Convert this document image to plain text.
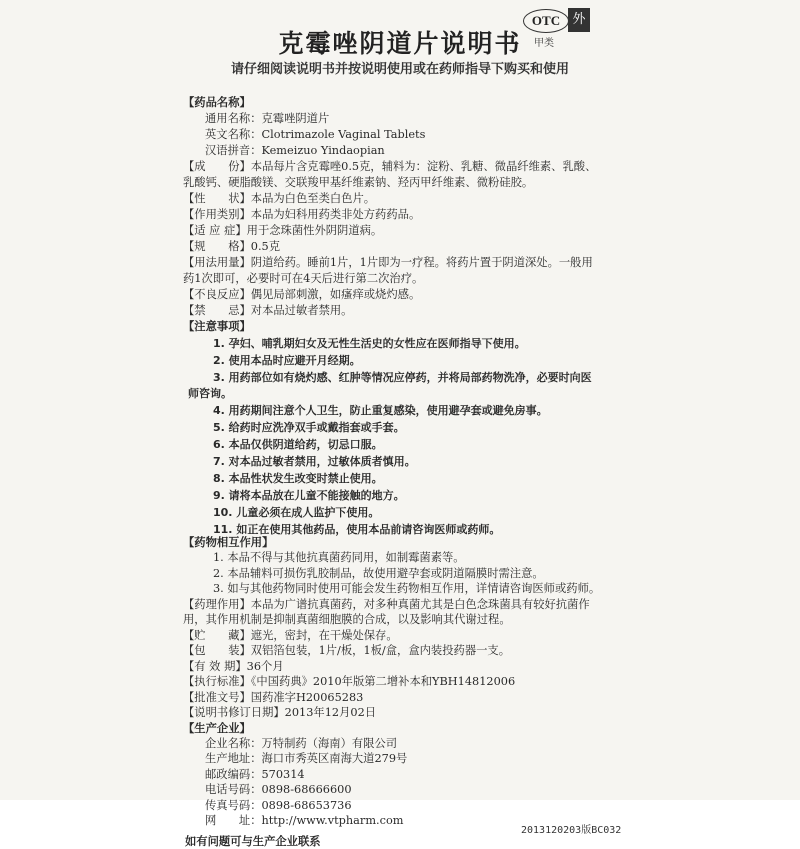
OTC 外
甲类
克霉唑阴道片说明书
请仔细阅读说明书并按说明使用或在药师指导下购买和使用
【药品名称】
通用名称：克霉唑阴道片
英文名称：Clotrimazole Vaginal Tablets
汉语拼音：Kemeizuo Yindaopian
【成　　份】本品每片含克霉唑0.5克，辅料为：淀粉、乳糖、微晶纤维素、乳酸、
乳酸钙、硬脂酸镁、交联羧甲基纤维素钠、羟丙甲纤维素、微粉硅胶。
【性　　状】本品为白色至类白色片。
【作用类别】本品为妇科用药类非处方药药品。
【适 应 症】用于念珠菌性外阴阴道病。
【规　　格】0.5克
【用法用量】阴道给药。睡前1片，1片即为一疗程。将药片置于阴道深处。一般用
药1次即可，必要时可在4天后进行第二次治疗。
【不良反应】偶见局部刺激，如瘙痒或烧灼感。
【禁　　忌】对本品过敏者禁用。
【注意事项】
1. 孕妇、哺乳期妇女及无性生活史的女性应在医师指导下使用。
2. 使用本品时应避开月经期。
3. 用药部位如有烧灼感、红肿等情况应停药，并将局部药物洗净，必要时向医
师咨询。
4. 用药期间注意个人卫生，防止重复感染，使用避孕套或避免房事。
5. 给药时应洗净双手或戴指套或手套。
6. 本品仅供阴道给药，切忌口服。
7. 对本品过敏者禁用，过敏体质者慎用。
8. 本品性状发生改变时禁止使用。
9. 请将本品放在儿童不能接触的地方。
10. 儿童必须在成人监护下使用。
11. 如正在使用其他药品，使用本品前请咨询医师或药师。
【药物相互作用】
1. 本品不得与其他抗真菌药同用，如制霉菌素等。
2. 本品辅料可损伤乳胶制品，故使用避孕套或阴道隔膜时需注意。
3. 如与其他药物同时使用可能会发生药物相互作用，详情请咨询医师或药师。
【药理作用】本品为广谱抗真菌药，对多种真菌尤其是白色念珠菌具有较好抗菌作
用，其作用机制是抑制真菌细胞膜的合成，以及影响其代谢过程。
【贮　　藏】遮光，密封，在干燥处保存。
【包　　装】双铝箔包装，1片/板，1板/盒，盒内装投药器一支。
【有 效 期】36个月
【执行标准】《中国药典》2010年版第二增补本和YBH14812006
【批准文号】国药准字H20065283
【说明书修订日期】2013年12月02日
【生产企业】
企业名称：万特制药（海南）有限公司
生产地址：海口市秀英区南海大道279号
邮政编码：570314
电话号码：0898-68666600
传真号码：0898-68653736
网　　址：http://www.vtpharm.com
2013120203版BC032
如有问题可与生产企业联系
